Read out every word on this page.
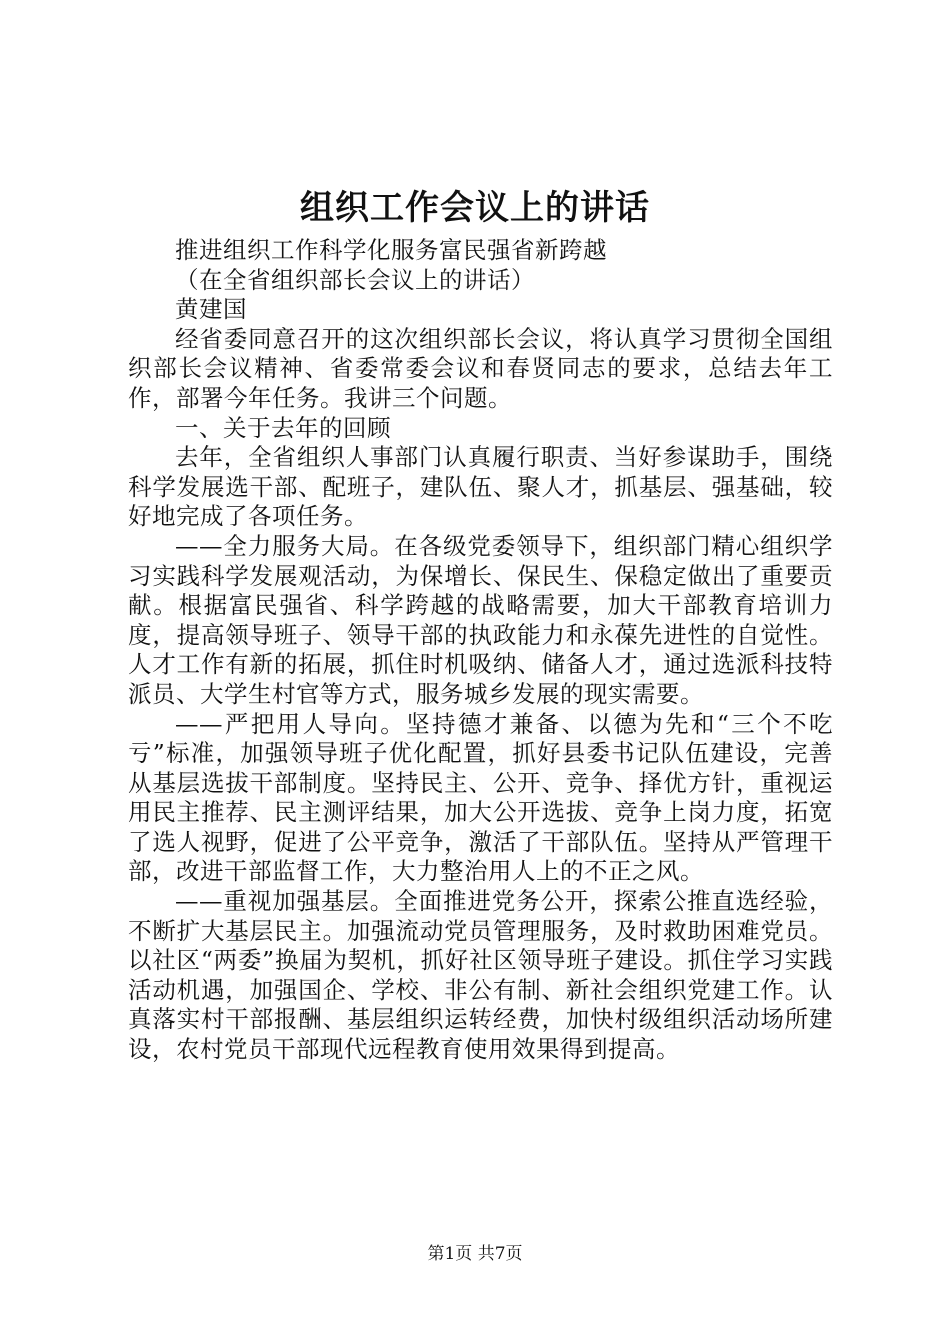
组织工作会议上的讲话

推进组织工作科学化服务富民强省新跨越

（在全省组织部长会议上的讲话）

黄建国

经省委同意召开的这次组织部长会议，将认真学习贯彻全国组织部长会议精神、省委常委会议和春贤同志的要求，总结去年工作，部署今年任务。我讲三个问题。

一、关于去年的回顾

去年，全省组织人事部门认真履行职责、当好参谋助手，围绕科学发展选干部、配班子，建队伍、聚人才，抓基层、强基础，较好地完成了各项任务。

——全力服务大局。在各级党委领导下，组织部门精心组织学习实践科学发展观活动，为保增长、保民生、保稳定做出了重要贡献。根据富民强省、科学跨越的战略需要，加大干部教育培训力度，提高领导班子、领导干部的执政能力和永葆先进性的自觉性。人才工作有新的拓展，抓住时机吸纳、储备人才，通过选派科技特派员、大学生村官等方式，服务城乡发展的现实需要。

——严把用人导向。坚持德才兼备、以德为先和“三个不吃亏”标准，加强领导班子优化配置，抓好县委书记队伍建设，完善从基层选拔干部制度。坚持民主、公开、竞争、择优方针，重视运用民主推荐、民主测评结果，加大公开选拔、竞争上岗力度，拓宽了选人视野，促进了公平竞争，激活了干部队伍。坚持从严管理干部，改进干部监督工作，大力整治用人上的不正之风。

——重视加强基层。全面推进党务公开，探索公推直选经验，不断扩大基层民主。加强流动党员管理服务，及时救助困难党员。以社区“两委”换届为契机，抓好社区领导班子建设。抓住学习实践活动机遇，加强国企、学校、非公有制、新社会组织党建工作。认真落实村干部报酬、基层组织运转经费，加快村级组织活动场所建设，农村党员干部现代远程教育使用效果得到提高。

第1页 共7页
